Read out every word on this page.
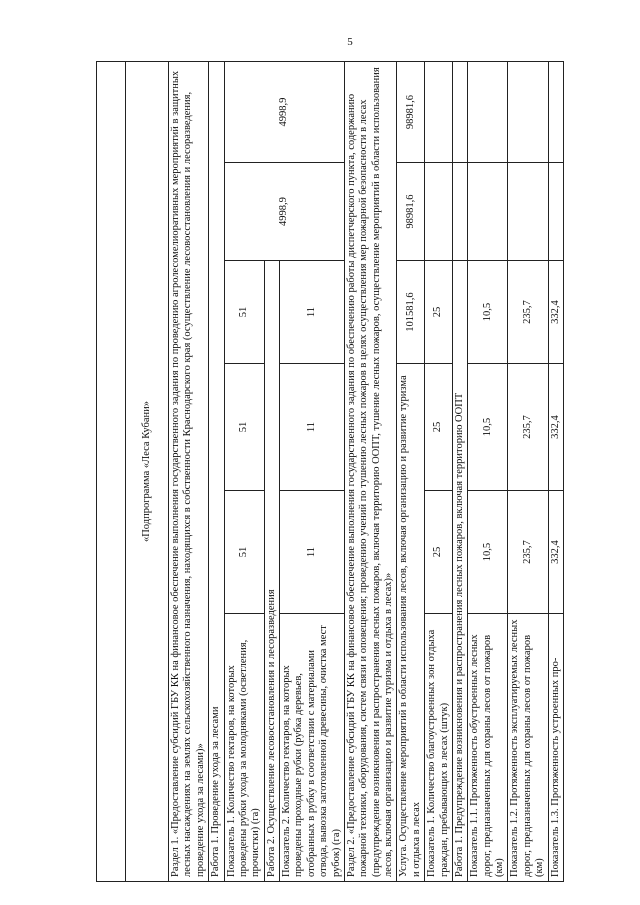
5

«Подпрограмма «Леса Кубани»					
Раздел 1. «Предоставление субсидий ГБУ КК на финансовое обеспечение выполнения государственного задания по проведению агролесомелиоративных мероприятий в защитных лесных насаждениях на землях сельскохозяйственного назначения, находящихся в собственности Краснодарского края (осуществление лесовосстановления и лесоразведения, проведение ухода за лесами)»					
Работа 1. Проведение ухода за лесами					
Показатель 1. Количество гектаров, на которых проведены рубки ухода за молодняками (осветления, прочистки) (га)	51	51	51	4998,9	4998,9
Работа 2. Осуществление лесовосстановления и лесоразведения					
Показатель 2. Количество гектаров, на которых проведены проходные рубки (рубка деревьев, отобранных в рубку в соответствии с материалами отвода, вывозка заготовленной древесины, очистка мест рубок) (га)	11	11	11		
Раздел 2. «Предоставление субсидий ГБУ КК на финансовое обеспечение выполнения государственного задания по обеспечению работы диспетчерского пункта, содержанию пожарной техники, оборудования, систем связи и оповещения; проведению учений по тушению лесных пожаров в целях осуществления мер пожарной безопасности в лесах (предупреждение возникновения и распространения лесных пожаров, включая территорию ООПТ, тушение лесных пожаров, осуществление мероприятий в области использования лесов, включая организацию и развитие туризма и отдыха в лесах)»					
Услуга. Осуществление мероприятий в области использования лесов, включая организацию и развитие туризма и отдыха в лесах			101581,6	98981,6	98981,6
Показатель 1. Количество благоустроенных зон отдыха граждан, пребывающих в лесах (штук)	25	25	25		
Работа 1. Предупреждение возникновения и распространения лесных пожаров, включая территорию ООПТ					
Показатель 1.1. Протяженность обустроенных лесных дорог, предназначенных для охраны лесов от пожаров (км)	10,5	10,5	10,5		
Показатель 1.2. Протяженность эксплуатируемых лесных дорог, предназначенных для охраны лесов от пожаров (км)	235,7	235,7	235,7		
Показатель 1.3. Протяженность устроенных про-	332,4	332,4	332,4		
